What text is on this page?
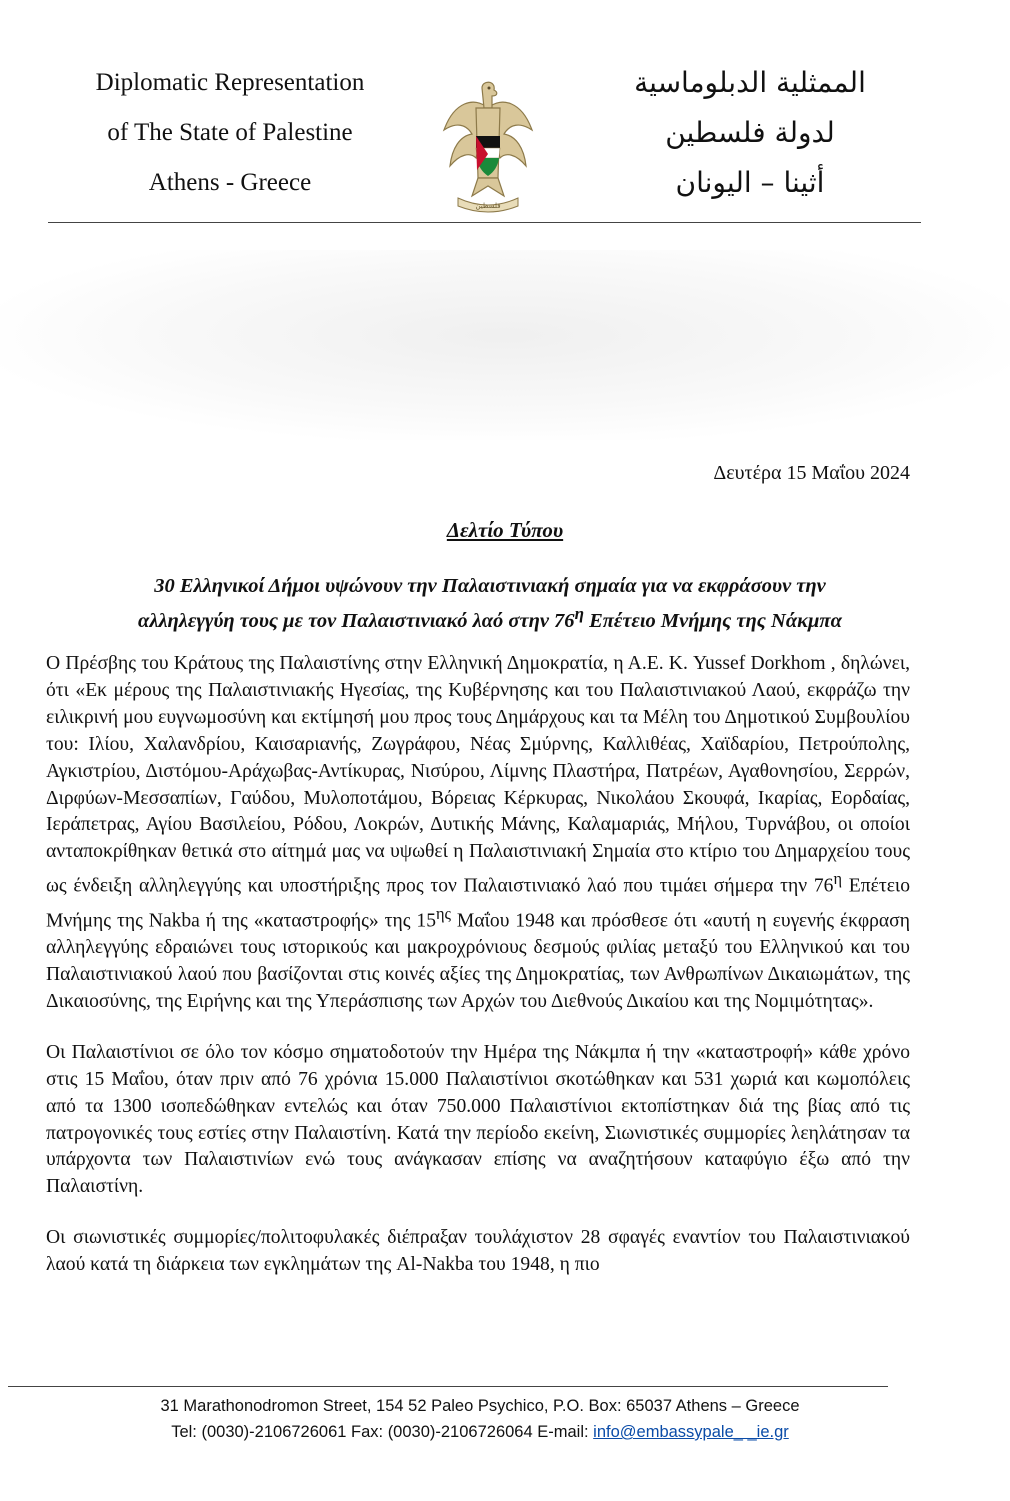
Diplomatic Representation
of The State of Palestine
Athens - Greece
فلسطين
الممثلية الدبلوماسية
لدولة فلسطين
أثينا – اليونان
Δευτέρα 15 Μαΐου 2024
Δελτίο Τύπου
30 Ελληνικοί Δήμοι υψώνουν την Παλαιστινιακή σημαία για να εκφράσουν την
αλληλεγγύη τους με τον Παλαιστινιακό λαό στην $76^\eta$ Επέτειο Μνήμης της Νάκμπα

Ο Πρέσβης του Κράτους της Παλαιστίνης στην Ελληνική Δημοκρατία, η Α.Ε. Κ. Yussef Dorkhom , δηλώνει, ότι «Εκ μέρους της Παλαιστινιακής Ηγεσίας, της Κυβέρνησης και του Παλαιστινιακού Λαού, εκφράζω την ειλικρινή μου ευγνωμοσύνη και εκτίμησή μου προς τους Δημάρχους και τα Μέλη του Δημοτικού Συμβουλίου του: Ιλίου, Χαλανδρίου, Καισαριανής, Ζωγράφου, Νέας Σμύρνης, Καλλιθέας, Χαϊδαρίου, Πετρούπολης, Αγκιστρίου, Διστόμου-Αράχωβας-Αντίκυρας, Νισύρου, Λίμνης Πλαστήρα, Πατρέων, Αγαθονησίου, Σερρών, Διρφύων-Μεσσαπίων, Γαύδου, Μυλοποτάμου, Βόρειας Κέρκυρας, Νικολάου Σκουφά, Ικαρίας, Εορδαίας, Ιεράπετρας, Αγίου Βασιλείου, Ρόδου, Λοκρών, Δυτικής Μάνης, Καλαμαριάς, Μήλου, Τυρνάβου, οι οποίοι ανταποκρίθηκαν θετικά στο αίτημά μας να υψωθεί η Παλαιστινιακή Σημαία στο κτίριο του Δημαρχείου τους ως ένδειξη αλληλεγγύης και υποστήριξης προς τον Παλαιστινιακό λαό που τιμάει σήμερα την $76^\eta$ Επέτειο Μνήμης της Nakba ή της «καταστροφής» της $15^{\eta\varsigma}$ Μαΐου 1948 και πρόσθεσε ότι «αυτή η ευγενής έκφραση αλληλεγγύης εδραιώνει τους ιστορικούς και μακροχρόνιους δεσμούς φιλίας μεταξύ του Ελληνικού και του Παλαιστινιακού λαού που βασίζονται στις κοινές αξίες της Δημοκρατίας, των Ανθρωπίνων Δικαιωμάτων, της Δικαιοσύνης, της Ειρήνης και της Υπεράσπισης των Αρχών του Διεθνούς Δικαίου και της Νομιμότητας».

Οι Παλαιστίνιοι σε όλο τον κόσμο σηματοδοτούν την Ημέρα της Νάκμπα ή την «καταστροφή» κάθε χρόνο στις 15 Μαΐου, όταν πριν από 76 χρόνια 15.000 Παλαιστίνιοι σκοτώθηκαν και 531 χωριά και κωμοπόλεις από τα 1300 ισοπεδώθηκαν εντελώς και όταν 750.000 Παλαιστίνιοι εκτοπίστηκαν διά της βίας από τις πατρογονικές τους εστίες στην Παλαιστίνη. Κατά την περίοδο εκείνη, Σιωνιστικές συμμορίες λεηλάτησαν τα υπάρχοντα των Παλαιστινίων ενώ τους ανάγκασαν επίσης να αναζητήσουν καταφύγιο έξω από την Παλαιστίνη.

Οι σιωνιστικές συμμορίες/πολιτοφυλακές διέπραξαν τουλάχιστον 28 σφαγές εναντίον του Παλαιστινιακού λαού κατά τη διάρκεια των εγκλημάτων της Al-Nakba του 1948, η πιο

31 Marathonodromon Street, 154 52 Paleo Psychico, P.O. Box: 65037 Athens – Greece
Tel: (0030)-2106726061 Fax: (0030)-2106726064 E-mail: info@embassypale_ _ie.gr
